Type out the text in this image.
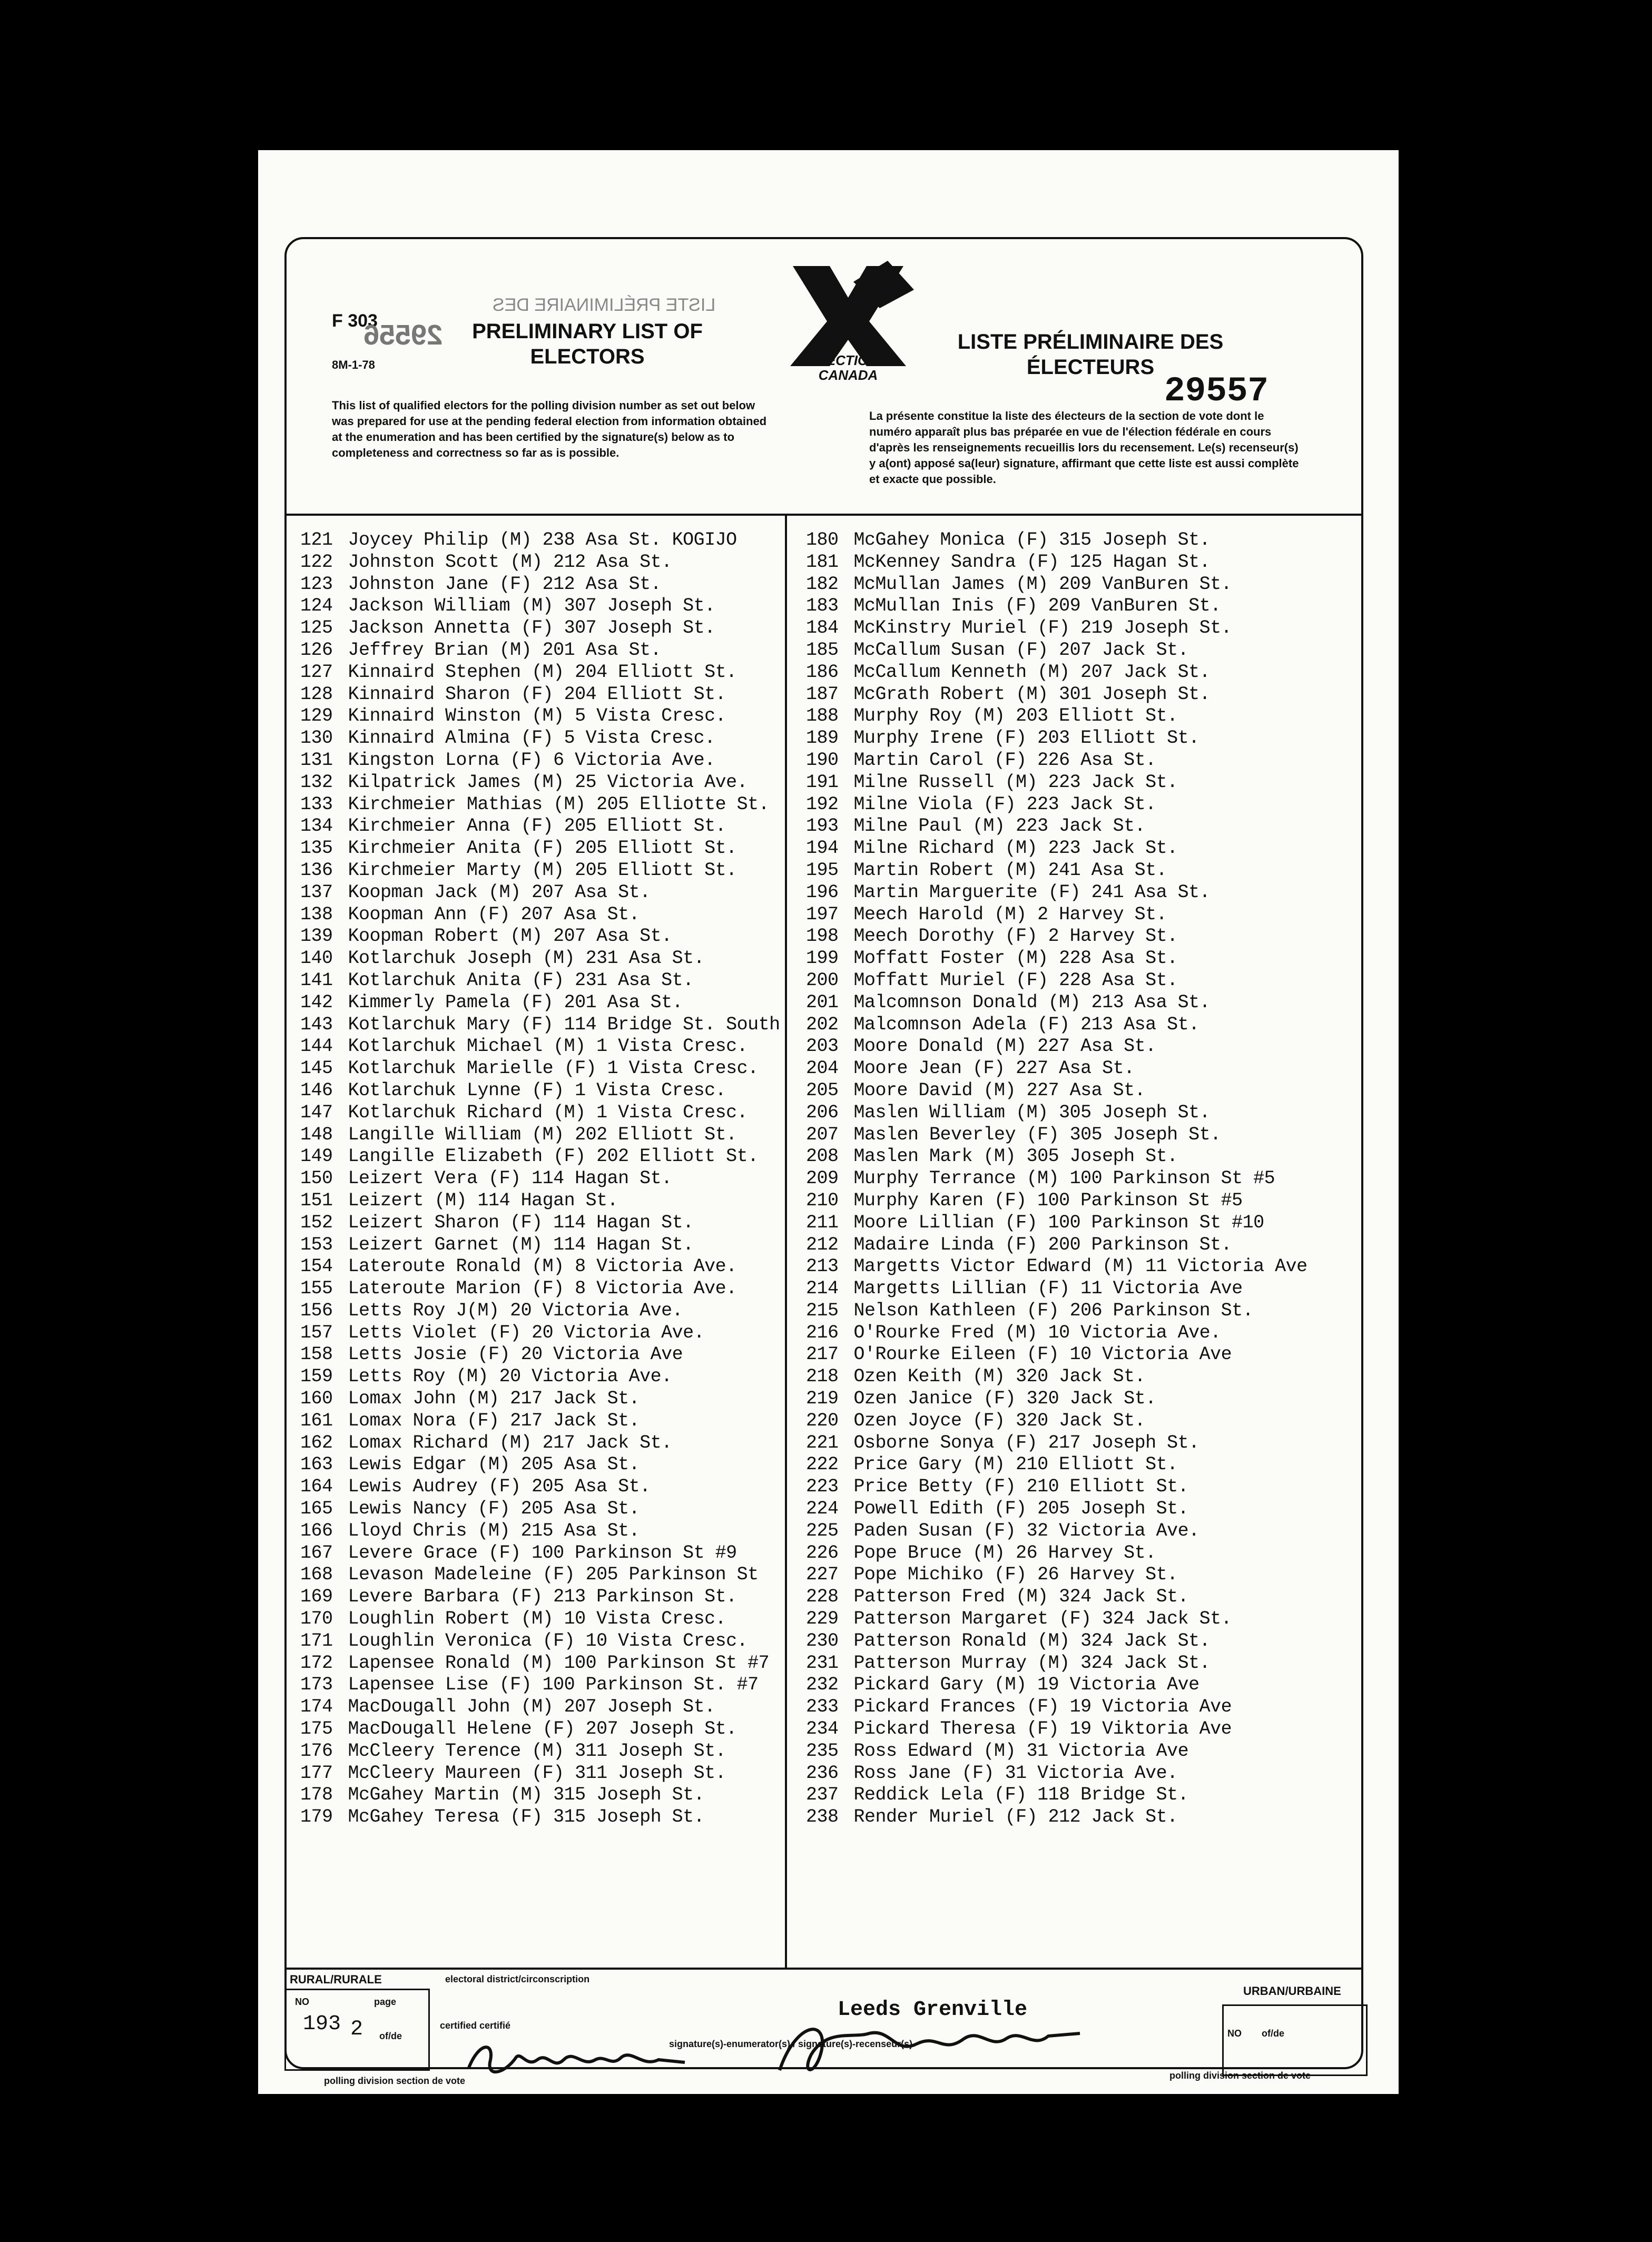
LISTE PRÉLIMINAIRE DES
F 303
29556
8M-1-78
PRELIMINARY LIST OF
ELECTORS	ELECTIONS
CANADA
LISTE PRÉLIMINAIRE DES
ÉLECTEURS
29557
This list of qualified electors for the polling division number as set out below was prepared for use at the pending federal election from information obtained at the enumeration and has been certified by the signature(s) below as to completeness and correctness so far as is possible.
La présente constitue la liste des électeurs de la section de vote dont le numéro apparaît plus bas préparée en vue de l'élection fédérale en cours d'après les renseignements recueillis lors du recensement. Le(s) recenseur(s) y a(ont) apposé sa(leur) signature, affirmant que cette liste est aussi complète et exacte que possible.
121 Joycey Philip (M) 238 Asa St. KOGIJO
122 Johnston Scott (M) 212 Asa St.
123 Johnston Jane (F) 212 Asa St.
124 Jackson William (M) 307 Joseph St.
125 Jackson Annetta (F) 307 Joseph St.
126 Jeffrey Brian (M) 201 Asa St.
127 Kinnaird Stephen (M) 204 Elliott St.
128 Kinnaird Sharon (F) 204 Elliott St.
129 Kinnaird Winston (M) 5 Vista Cresc.
130 Kinnaird Almina (F) 5 Vista Cresc.
131 Kingston Lorna (F) 6 Victoria Ave.
132 Kilpatrick James (M) 25 Victoria Ave.
133 Kirchmeier Mathias (M) 205 Elliotte St.
134 Kirchmeier Anna (F) 205 Elliott St.
135 Kirchmeier Anita (F) 205 Elliott St.
136 Kirchmeier Marty (M) 205 Elliott St.
137 Koopman Jack (M) 207 Asa St.
138 Koopman Ann (F) 207 Asa St.
139 Koopman Robert (M) 207 Asa St.
140 Kotlarchuk Joseph (M) 231 Asa St.
141 Kotlarchuk Anita (F) 231 Asa St.
142 Kimmerly Pamela (F) 201 Asa St.
143 Kotlarchuk Mary (F) 114 Bridge St. South
144 Kotlarchuk Michael (M) 1 Vista Cresc.
145 Kotlarchuk Marielle (F) 1 Vista Cresc.
146 Kotlarchuk Lynne (F) 1 Vista Cresc.
147 Kotlarchuk Richard (M) 1 Vista Cresc.
148 Langille William (M) 202 Elliott St.
149 Langille Elizabeth (F) 202 Elliott St.
150 Leizert Vera (F) 114 Hagan St.
151 Leizert (M) 114 Hagan St.
152 Leizert Sharon (F) 114 Hagan St.
153 Leizert Garnet (M) 114 Hagan St.
154 Lateroute Ronald (M) 8 Victoria Ave.
155 Lateroute Marion (F) 8 Victoria Ave.
156 Letts Roy J(M) 20 Victoria Ave.
157 Letts Violet (F) 20 Victoria Ave.
158 Letts Josie (F) 20 Victoria Ave
159 Letts Roy (M) 20 Victoria Ave.
160 Lomax John (M) 217 Jack St.
161 Lomax Nora (F) 217 Jack St.
162 Lomax Richard (M) 217 Jack St.
163 Lewis Edgar (M) 205 Asa St.
164 Lewis Audrey (F) 205 Asa St.
165 Lewis Nancy (F) 205 Asa St.
166 Lloyd Chris (M) 215 Asa St.
167 Levere Grace (F) 100 Parkinson St #9
168 Levason Madeleine (F) 205 Parkinson St
169 Levere Barbara (F) 213 Parkinson St.
170 Loughlin Robert (M) 10 Vista Cresc.
171 Loughlin Veronica (F) 10 Vista Cresc.
172 Lapensee Ronald (M) 100 Parkinson St #7
173 Lapensee Lise (F) 100 Parkinson St. #7
174 MacDougall John (M) 207 Joseph St.
175 MacDougall Helene (F) 207 Joseph St.
176 McCleery Terence (M) 311 Joseph St.
177 McCleery Maureen (F) 311 Joseph St.
178 McGahey Martin (M) 315 Joseph St.
179 McGahey Teresa (F) 315 Joseph St.
180 McGahey Monica (F) 315 Joseph St.
181 McKenney Sandra (F) 125 Hagan St.
182 McMullan James (M) 209 VanBuren St.
183 McMullan Inis (F) 209 VanBuren St.
184 McKinstry Muriel (F) 219 Joseph St.
185 McCallum Susan (F) 207 Jack St.
186 McCallum Kenneth (M) 207 Jack St.
187 McGrath Robert (M) 301 Joseph St.
188 Murphy Roy (M) 203 Elliott St.
189 Murphy Irene (F) 203 Elliott St.
190 Martin Carol (F) 226 Asa St.
191 Milne Russell (M) 223 Jack St.
192 Milne Viola (F) 223 Jack St.
193 Milne Paul (M) 223 Jack St.
194 Milne Richard (M) 223 Jack St.
195 Martin Robert (M) 241 Asa St.
196 Martin Marguerite (F) 241 Asa St.
197 Meech Harold (M) 2 Harvey St.
198 Meech Dorothy (F) 2 Harvey St.
199 Moffatt Foster (M) 228 Asa St.
200 Moffatt Muriel (F) 228 Asa St.
201 Malcomnson Donald (M) 213 Asa St.
202 Malcomnson Adela (F) 213 Asa St.
203 Moore Donald (M) 227 Asa St.
204 Moore Jean (F) 227 Asa St.
205 Moore David (M) 227 Asa St.
206 Maslen William (M) 305 Joseph St.
207 Maslen Beverley (F) 305 Joseph St.
208 Maslen Mark (M) 305 Joseph St.
209 Murphy Terrance (M) 100 Parkinson St #5
210 Murphy Karen (F) 100 Parkinson St #5
211 Moore Lillian (F) 100 Parkinson St #10
212 Madaire Linda (F) 200 Parkinson St.
213 Margetts Victor Edward (M) 11 Victoria Ave
214 Margetts Lillian (F) 11 Victoria Ave
215 Nelson Kathleen (F) 206 Parkinson St.
216 O'Rourke Fred (M) 10 Victoria Ave.
217 O'Rourke Eileen (F) 10 Victoria Ave
218 Ozen Keith (M) 320 Jack St.
219 Ozen Janice (F) 320 Jack St.
220 Ozen Joyce (F) 320 Jack St.
221 Osborne Sonya (F) 217 Joseph St.
222 Price Gary (M) 210 Elliott St.
223 Price Betty (F) 210 Elliott St.
224 Powell Edith (F) 205 Joseph St.
225 Paden Susan (F) 32 Victoria Ave.
226 Pope Bruce (M) 26 Harvey St.
227 Pope Michiko (F) 26 Harvey St.
228 Patterson Fred (M) 324 Jack St.
229 Patterson Margaret (F) 324 Jack St.
230 Patterson Ronald (M) 324 Jack St.
231 Patterson Murray (M) 324 Jack St.
232 Pickard Gary (M) 19 Victoria Ave
233 Pickard Frances (F) 19 Victoria Ave
234 Pickard Theresa (F) 19 Viktoria Ave
235 Ross Edward (M) 31 Victoria Ave
236 Ross Jane (F) 31 Victoria Ave.
237 Reddick Lela (F) 118 Bridge St.
238 Render Muriel (F) 212 Jack St.
RURAL/RURALE
NO	page
193 2 of/de
certified certifié
polling division section de vote
electoral district/circonscription
Leeds Grenville
signature(s)-enumerator(s) / signature(s)-recenseur(s)
URBAN/URBAINE
NO of/de
polling division section de vote
